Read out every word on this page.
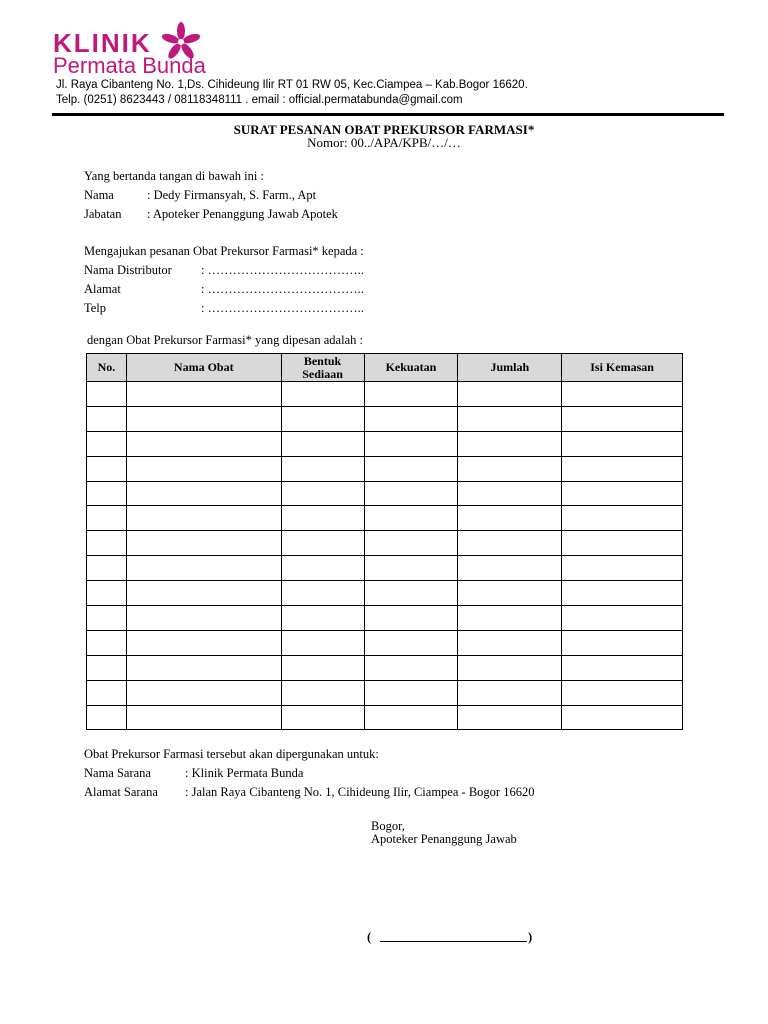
KLINIK
Permata Bunda
Jl. Raya Cibanteng No. 1,Ds. Cihideung Ilir RT 01 RW 05, Kec.Ciampea – Kab.Bogor 16620.
Telp. (0251) 8623443 / 08118348111 . email : official.permatabunda@gmail.com
SURAT PESANAN OBAT PREKURSOR FARMASI*
Nomor: 00../APA/KPB/…/…
Yang bertanda tangan di bawah ini :
Nama	: Dedy Firmansyah, S. Farm., Apt
Jabatan : Apoteker Penanggung Jawab Apotek
Mengajukan pesanan Obat Prekursor Farmasi* kepada :
Nama Distributor : ………………………………..
Alamat	: ………………………………..
Telp	: ………………………………..
dengan Obat Prekursor Farmasi* yang dipesan adalah :
No.	Nama Obat	Bentuk Sediaan	Kekuatan	Jumlah	Isi Kemasan

Obat Prekursor Farmasi tersebut akan dipergunakan untuk:
Nama Sarana	: Klinik Permata Bunda
Alamat Sarana : Jalan Raya Cibanteng No. 1, Cihideung Ilir, Ciampea - Bogor 16620
Bogor,
Apoteker Penanggung Jawab
(	)
